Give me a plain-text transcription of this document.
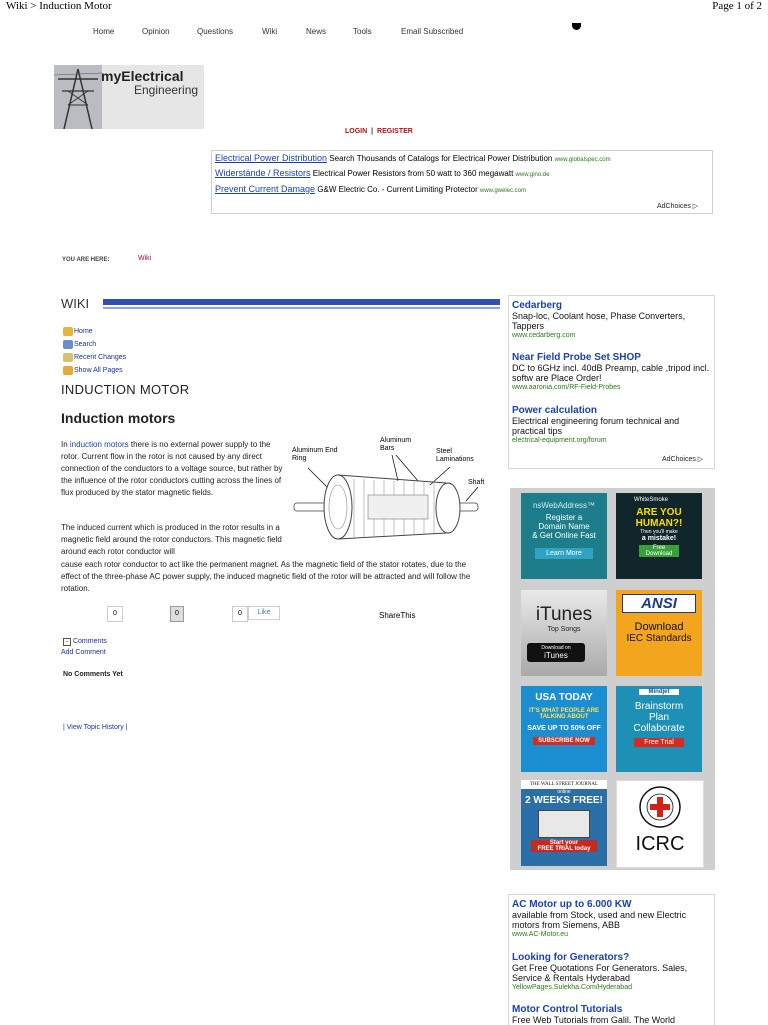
Wiki > Induction Motor	Page 1 of 2
Home	Opinion	Questions	Wiki	News	Tools	Email Subscribed
myElectrical
Engineering
LOGIN | REGISTER
Electrical Power Distribution Search Thousands of Catalogs for Electrical Power Distribution www.globalspec.com
Widerstände / Resistors Electrical Power Resistors from 50 watt to 360 megawatt www.gino.de
Prevent Current Damage G&W Electric Co. - Current Limiting Protector www.gwelec.com
AdChoices ▷
YOU ARE HERE:	Wiki
WIKI
Home
Search
Recent Changes
Show All Pages
INDUCTION MOTOR
Induction motors
In induction motors there is no external power supply to the rotor. Current flow in the rotor is not caused by any direct connection of the conductors to a voltage source, but rather by the influence of the rotor conductors cutting across the lines of flux produced by the stator magnetic fields.
The induced current which is produced in the rotor results in a magnetic field around the rotor conductors. This magnetic field around each rotor conductor will
cause each rotor conductor to act like the permanent magnet. As the magnetic field of the stator rotates, due to the effect of the three-phase AC power supply, the induced magnetic field of the rotor will be attracted and will follow the rotation.
Aluminum End Ring
Aluminum Bars	Steel Laminations
Shaft
0	0	0	Like	ShareThis
- Comments
Add Comment
No Comments Yet
| View Topic History |
Cedarberg
Snap-loc, Coolant hose, Phase Converters, Tappers
www.cedarberg.com
Near Field Probe Set SHOP
DC to 6GHz incl. 40dB Preamp, cable ,tripod incl. softw are Place Order!
www.aaronia.com/RF-Field-Probes
Power calculation
Electrical engineering forum technical and practical tips
electrical-equipment.org/forum
AdChoices ▷
nsWebAddress™
Register a
Domain Name
& Get Online Fast
Learn More
WhiteSmoke
ARE YOU
HUMAN?!
Then you'll make
a mistake!
Free Download
iTunes
Top Songs
Download on
iTunes
ANSI
Download
IEC Standards
USA TODAY
IT'S WHAT PEOPLE ARE
TALKING ABOUT
SAVE UP TO 50% OFF
SUBSCRIBE NOW
Mindjet
Brainstorm
Plan
Collaborate
Free Trial
THE WALL STREET JOURNAL
online
2 WEEKS FREE!
Start your
FREE TRIAL today	ICRC
AC Motor up to 6.000 KW
available from Stock, used and new Electric motors from Siemens, ABB
www.AC-Motor.eu
Looking for Generators?
Get Free Quotations For Generators. Sales, Service & Rentals Hyderabad
YellowPages.Sulekha.Com/Hyderabad
Motor Control Tutorials
Free Web Tutorials from Galil. The World
